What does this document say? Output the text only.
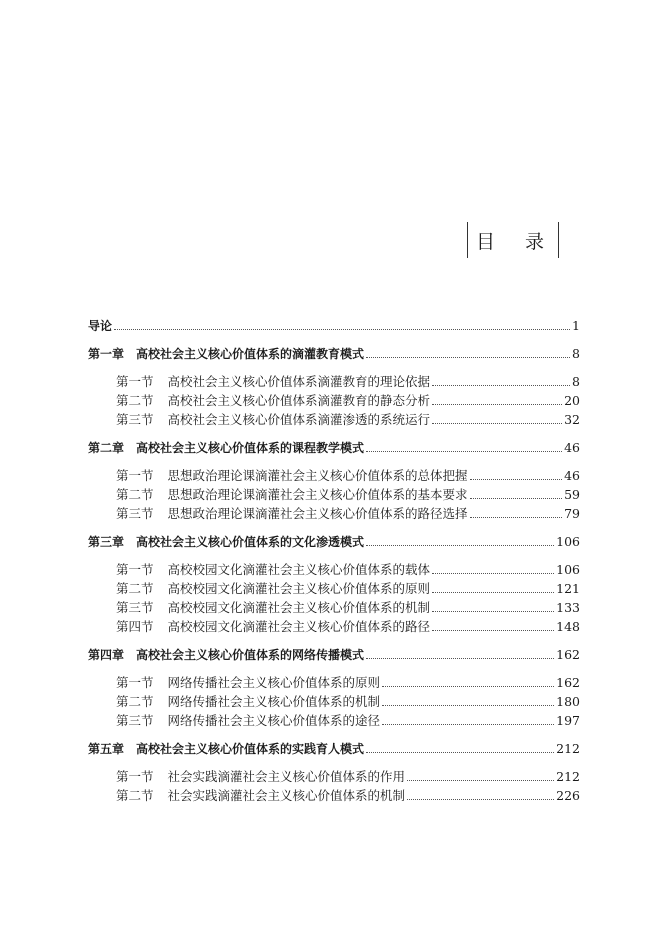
目 录
导论	1
第一章 高校社会主义核心价值体系的滴灌教育模式	8
第一节 高校社会主义核心价值体系滴灌教育的理论依据	8
第二节 高校社会主义核心价值体系滴灌教育的静态分析	20
第三节 高校社会主义核心价值体系滴灌渗透的系统运行	32
第二章 高校社会主义核心价值体系的课程教学模式	46
第一节 思想政治理论课滴灌社会主义核心价值体系的总体把握	46
第二节 思想政治理论课滴灌社会主义核心价值体系的基本要求	59
第三节 思想政治理论课滴灌社会主义核心价值体系的路径选择	79
第三章 高校社会主义核心价值体系的文化渗透模式	106
第一节 高校校园文化滴灌社会主义核心价值体系的载体	106
第二节 高校校园文化滴灌社会主义核心价值体系的原则	121
第三节 高校校园文化滴灌社会主义核心价值体系的机制	133
第四节 高校校园文化滴灌社会主义核心价值体系的路径	148
第四章 高校社会主义核心价值体系的网络传播模式	162
第一节 网络传播社会主义核心价值体系的原则	162
第二节 网络传播社会主义核心价值体系的机制	180
第三节 网络传播社会主义核心价值体系的途径	197
第五章 高校社会主义核心价值体系的实践育人模式	212
第一节 社会实践滴灌社会主义核心价值体系的作用	212
第二节 社会实践滴灌社会主义核心价值体系的机制	226
